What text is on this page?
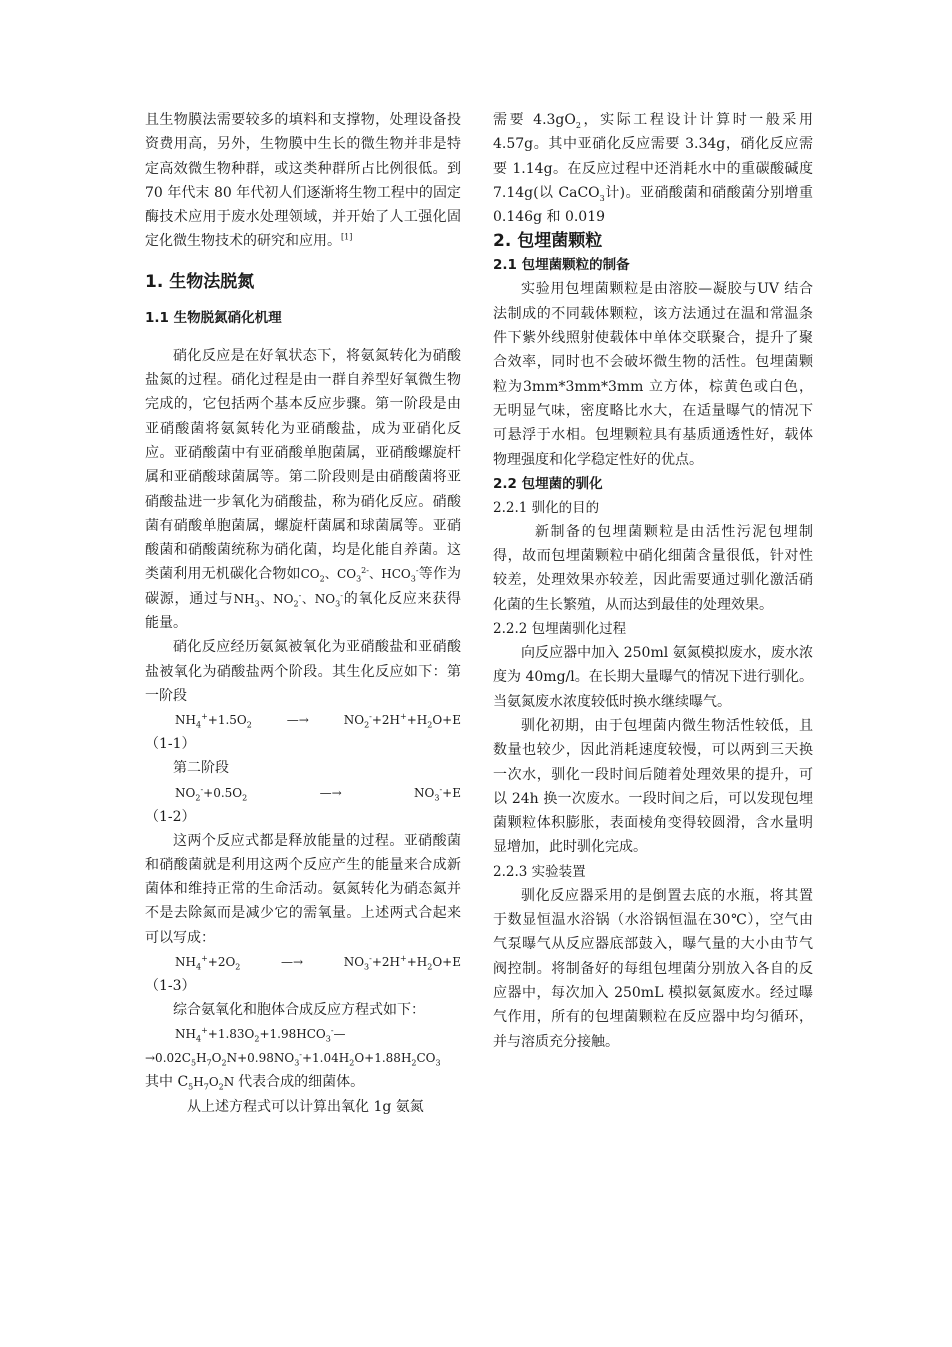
且生物膜法需要较多的填料和支撑物，处理设备投资费用高，另外，生物膜中生长的微生物并非是特定高效微生物种群，或这类种群所占比例很低。到 70 年代末 80 年代初人们逐渐将生物工程中的固定酶技术应用于废水处理领域，并开始了人工强化固定化微生物技术的研究和应用。[1]

1. 生物法脱氮

1.1 生物脱氮硝化机理

硝化反应是在好氧状态下，将氨氮转化为硝酸盐氮的过程。硝化过程是由一群自养型好氧微生物完成的，它包括两个基本反应步骤。第一阶段是由亚硝酸菌将氨氮转化为亚硝酸盐，成为亚硝化反应。亚硝酸菌中有亚硝酸单胞菌属，亚硝酸螺旋杆属和亚硝酸球菌属等。第二阶段则是由硝酸菌将亚硝酸盐进一步氧化为硝酸盐，称为硝化反应。硝酸菌有硝酸单胞菌属，螺旋杆菌属和球菌属等。亚硝酸菌和硝酸菌统称为硝化菌，均是化能自养菌。这类菌利用无机碳化合物如$CO_2$、$CO_3^{2-}$、$HCO_3^-$等作为碳源，通过与$NH_3$、$NO_2^-$、$NO_3^-$的氧化反应来获得能量。

硝化反应经历氨氮被氧化为亚硝酸盐和亚硝酸盐被氧化为硝酸盐两个阶段。其生化反应如下：第一阶段

$NH_4^++1.5O_2$	—→	$NO_2^-+2H^++H_2O+E$

（1-1）

第二阶段

$NO_2^-+0.5O_2$	—→	$NO_3^-+E$

（1-2）

这两个反应式都是释放能量的过程。亚硝酸菌和硝酸菌就是利用这两个反应产生的能量来合成新菌体和维持正常的生命活动。氨氮转化为硝态氮并不是去除氮而是减少它的需氧量。上述两式合起来可以写成：

$NH_4^++2O_2$	—→	$NO_3^-+2H^++H_2O+E$

（1-3）

综合氨氧化和胞体合成反应方程式如下：

$NH_4^++1.83O_2+1.98HCO_3^-—\to 0.02C_5H_7O_2N+0.98NO_3^-+1.04H_2O+1.88H_2CO_3$

其中 $C_5H_7O_2N$ 代表合成的细菌体。

从上述方程式可以计算出氧化 1g 氨氮

需要 $4.3gO_2$，实际工程设计计算时一般采用 4.57g。其中亚硝化反应需要 3.34g，硝化反应需要 1.14g。在反应过程中还消耗水中的重碳酸碱度 7.14g(以 CaCO$_3$计)。亚硝酸菌和硝酸菌分别增重 0.146g 和 0.019

2. 包埋菌颗粒

2.1 包埋菌颗粒的制备

实验用包埋菌颗粒是由溶胶—凝胶与UV 结合法制成的不同载体颗粒，该方法通过在温和常温条件下紫外线照射使载体中单体交联聚合，提升了聚合效率，同时也不会破坏微生物的活性。包埋菌颗粒为3mm*3mm*3mm 立方体，棕黄色或白色，无明显气味，密度略比水大，在适量曝气的情况下可悬浮于水相。包埋颗粒具有基质通透性好，载体物理强度和化学稳定性好的优点。

2.2 包埋菌的驯化

2.2.1 驯化的目的

新制备的包埋菌颗粒是由活性污泥包埋制得，故而包埋菌颗粒中硝化细菌含量很低，针对性较差，处理效果亦较差，因此需要通过驯化激活硝化菌的生长繁殖，从而达到最佳的处理效果。

2.2.2 包埋菌驯化过程

向反应器中加入 250ml 氨氮模拟废水，废水浓度为 40mg/l。在长期大量曝气的情况下进行驯化。当氨氮废水浓度较低时换水继续曝气。

驯化初期，由于包埋菌内微生物活性较低，且数量也较少，因此消耗速度较慢，可以两到三天换一次水，驯化一段时间后随着处理效果的提升，可以 24h 换一次废水。一段时间之后，可以发现包埋菌颗粒体积膨胀，表面棱角变得较圆滑，含水量明显增加，此时驯化完成。

2.2.3 实验装置

驯化反应器采用的是倒置去底的水瓶，将其置于数显恒温水浴锅（水浴锅恒温在30℃），空气由气泵曝气从反应器底部鼓入，曝气量的大小由节气阀控制。将制备好的每组包埋菌分别放入各自的反应器中，每次加入 250mL 模拟氨氮废水。经过曝气作用，所有的包埋菌颗粒在反应器中均匀循环，并与溶质充分接触。
